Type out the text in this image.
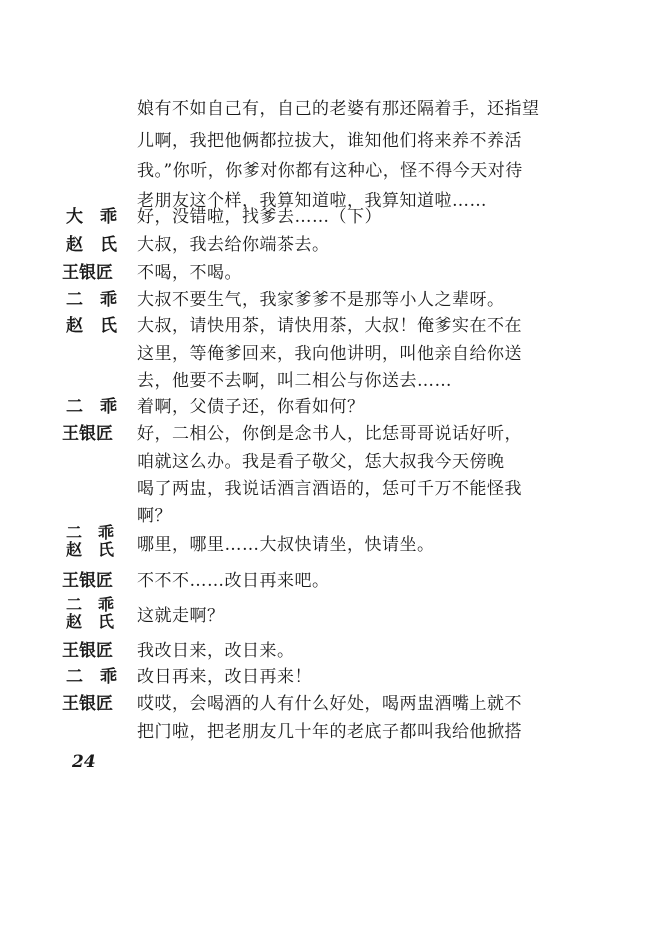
娘有不如自己有，自己的老婆有那还隔着手，还指望
儿啊，我把他俩都拉拔大，谁知他们将来养不养活
我。”你听，你爹对你都有这种心，怪不得今天对待
老朋友这个样，我算知道啦，我算知道啦……
大　乖 好，没错啦，找爹去……（下）
赵　氏 大叔，我去给你端茶去。
王银匠 不喝，不喝。
二　乖 大叔不要生气，我家爹爹不是那等小人之辈呀。
赵　氏 大叔，请快用茶，请快用茶，大叔！俺爹实在不在
这里，等俺爹回来，我向他讲明，叫他亲自给你送
去，他要不去啊，叫二相公与你送去……
二　乖 着啊，父债子还，你看如何？
王银匠 好，二相公，你倒是念书人，比恁哥哥说话好听，
咱就这么办。我是看子敬父，恁大叔我今天傍晚
喝了两盅，我说话酒言酒语的，恁可千万不能怪我
啊？
二　乖
赵　氏 哪里，哪里……大叔快请坐，快请坐。
王银匠 不不不……改日再来吧。
二　乖
赵　氏 这就走啊？
王银匠 我改日来，改日来。
二　乖 改日再来，改日再来！
王银匠 哎哎，会喝酒的人有什么好处，喝两盅酒嘴上就不
把门啦，把老朋友几十年的老底子都叫我给他掀搭
24
